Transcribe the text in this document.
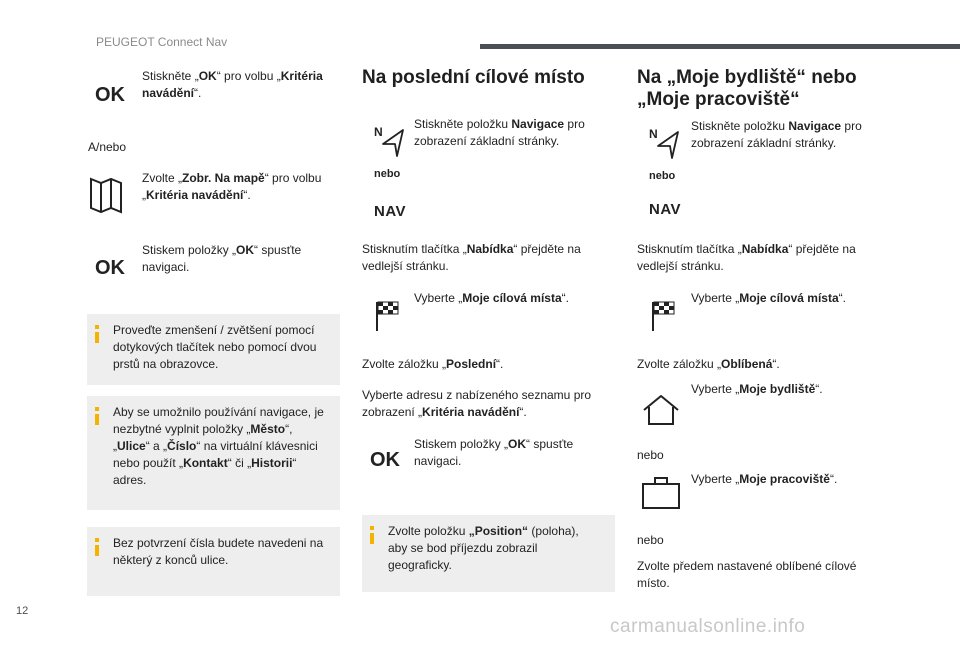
PEUGEOT Connect Nav
OK
Stiskněte „OK“ pro volbu „Kritéria navádění“.
A/nebo
Zvolte „Zobr. Na mapě“ pro volbu „Kritéria navádění“.
OK
Stiskem položky „OK“ spusťte navigaci.
Proveďte zmenšení / zvětšení pomocí dotykových tlačítek nebo pomocí dvou prstů na obrazovce.
Aby se umožnilo používání navigace, je nezbytné vyplnit položky „Město“, „Ulice“ a „Číslo“ na virtuální klávesnici nebo použít „Kontakt“ či „Historii“ adres.
Bez potvrzení čísla budete navedeni na některý z konců ulice.
Na poslední cílové místo
N
nebo
NAV
Stiskněte položku Navigace pro zobrazení základní stránky.
Stisknutím tlačítka „Nabídka“ přejděte na vedlejší stránku.
Vyberte „Moje cílová místa“.
Zvolte záložku „Poslední“.
Vyberte adresu z nabízeného seznamu pro zobrazení „Kritéria navádění“.
OK
Stiskem položky „OK“ spusťte navigaci.
Zvolte položku „Position“ (poloha), aby se bod příjezdu zobrazil geograficky.
Na „Moje bydliště“ nebo „Moje pracoviště“
N
nebo
NAV
Stiskněte položku Navigace pro zobrazení základní stránky.
Stisknutím tlačítka „Nabídka“ přejděte na vedlejší stránku.
Vyberte „Moje cílová místa“.
Zvolte záložku „Oblíbená“.
Vyberte „Moje bydliště“.
nebo
Vyberte „Moje pracoviště“.
nebo
Zvolte předem nastavené oblíbené cílové místo.
12
carmanualsonline.info
